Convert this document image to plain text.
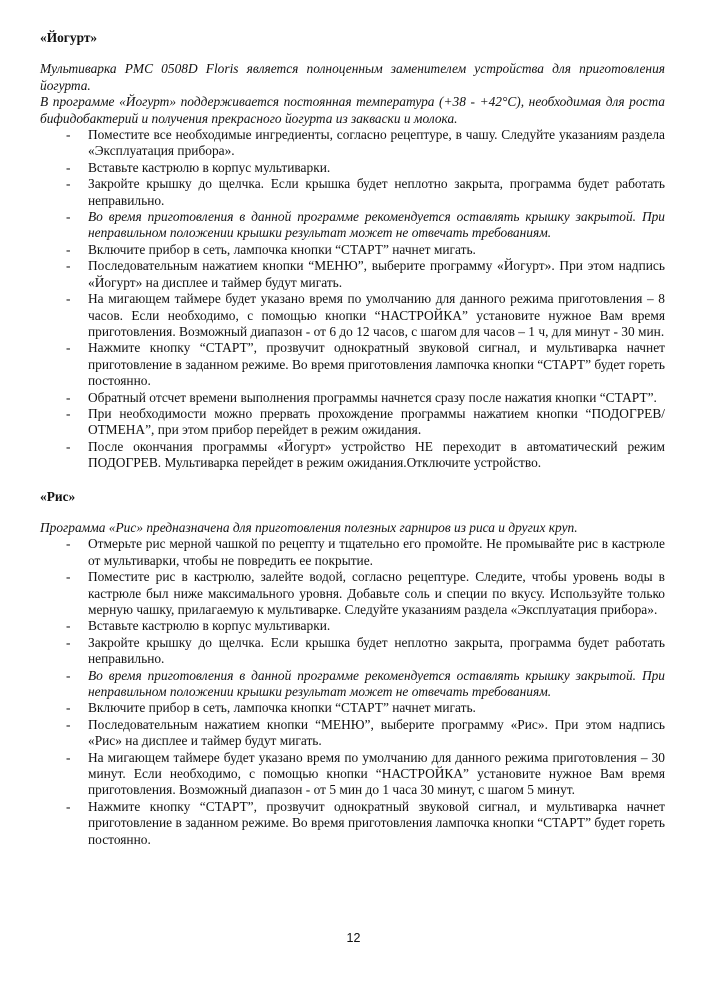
«Йогурт»

Мультиварка PMC 0508D Floris является полноценным заменителем устройства для приготовления йогурта.

В программе «Йогурт» поддерживается постоянная температура (+38 - +42°С), необходимая для роста бифидобактерий и получения прекрасного йогурта из закваски и молока.

- Поместите все необходимые ингредиенты, согласно рецептуре, в чашу. Следуйте указаниям раздела «Эксплуатация прибора».
- Вставьте кастрюлю в корпус мультиварки.
- Закройте крышку до щелчка. Если крышка будет неплотно закрыта, программа будет работать неправильно.
- Во время приготовления в данной программе рекомендуется оставлять крышку закрытой. При неправильном положении крышки результат может не отвечать требованиям.
- Включите прибор в сеть, лампочка кнопки “СТАРТ” начнет мигать.
- Последовательным нажатием кнопки “МЕНЮ”, выберите программу «Йогурт». При этом надпись «Йогурт» на дисплее и таймер будут мигать.
- На мигающем таймере будет указано время по умолчанию для данного режима приготовления – 8 часов. Если необходимо, с помощью кнопки “НАСТРОЙКА” установите нужное Вам время приготовления. Возможный диапазон - от 6 до 12 часов, с шагом для часов – 1 ч, для минут - 30 мин.
- Нажмите кнопку “СТАРТ”, прозвучит однократный звуковой сигнал, и мультиварка начнет приготовление в заданном режиме. Во время приготовления лампочка кнопки “СТАРТ” будет гореть постоянно.
- Обратный отсчет времени выполнения программы начнется сразу после нажатия кнопки “СТАРТ”.
- При необходимости можно прервать прохождение программы нажатием кнопки “ПОДОГРЕВ/ ОТМЕНА”, при этом прибор перейдет в режим ожидания.
- После окончания программы «Йогурт» устройство НЕ переходит в автоматический режим ПОДОГРЕВ. Мультиварка перейдет в режим ожидания.Отключите устройство.

«Рис»

Программа «Рис» предназначена для приготовления полезных гарниров из риса и других круп.

- Отмерьте рис мерной чашкой по рецепту и тщательно его промойте. Не промывайте рис в кастрюле от мультиварки, чтобы не повредить ее покрытие.
- Поместите рис в кастрюлю, залейте водой, согласно рецептуре. Следите, чтобы уровень воды в кастрюле был ниже максимального уровня. Добавьте соль и специи по вкусу. Используйте только мерную чашку, прилагаемую к мультиварке. Следуйте указаниям раздела «Эксплуатация прибора».
- Вставьте кастрюлю в корпус мультиварки.
- Закройте крышку до щелчка. Если крышка будет неплотно закрыта, программа будет работать неправильно.
- Во время приготовления в данной программе рекомендуется оставлять крышку закрытой. При неправильном положении крышки результат может не отвечать требованиям.
- Включите прибор в сеть, лампочка кнопки “СТАРТ” начнет мигать.
- Последовательным нажатием кнопки “МЕНЮ”, выберите программу «Рис». При этом надпись «Рис» на дисплее и таймер будут мигать.
- На мигающем таймере будет указано время по умолчанию для данного режима приготовления – 30 минут. Если необходимо, с помощью кнопки “НАСТРОЙКА” установите нужное Вам время приготовления. Возможный диапазон - от 5 мин до 1 часа 30 минут, с шагом 5 минут.
- Нажмите кнопку “СТАРТ”, прозвучит однократный звуковой сигнал, и мультиварка начнет приготовление в заданном режиме. Во время приготовления лампочка кнопки “СТАРТ” будет гореть постоянно.
12
